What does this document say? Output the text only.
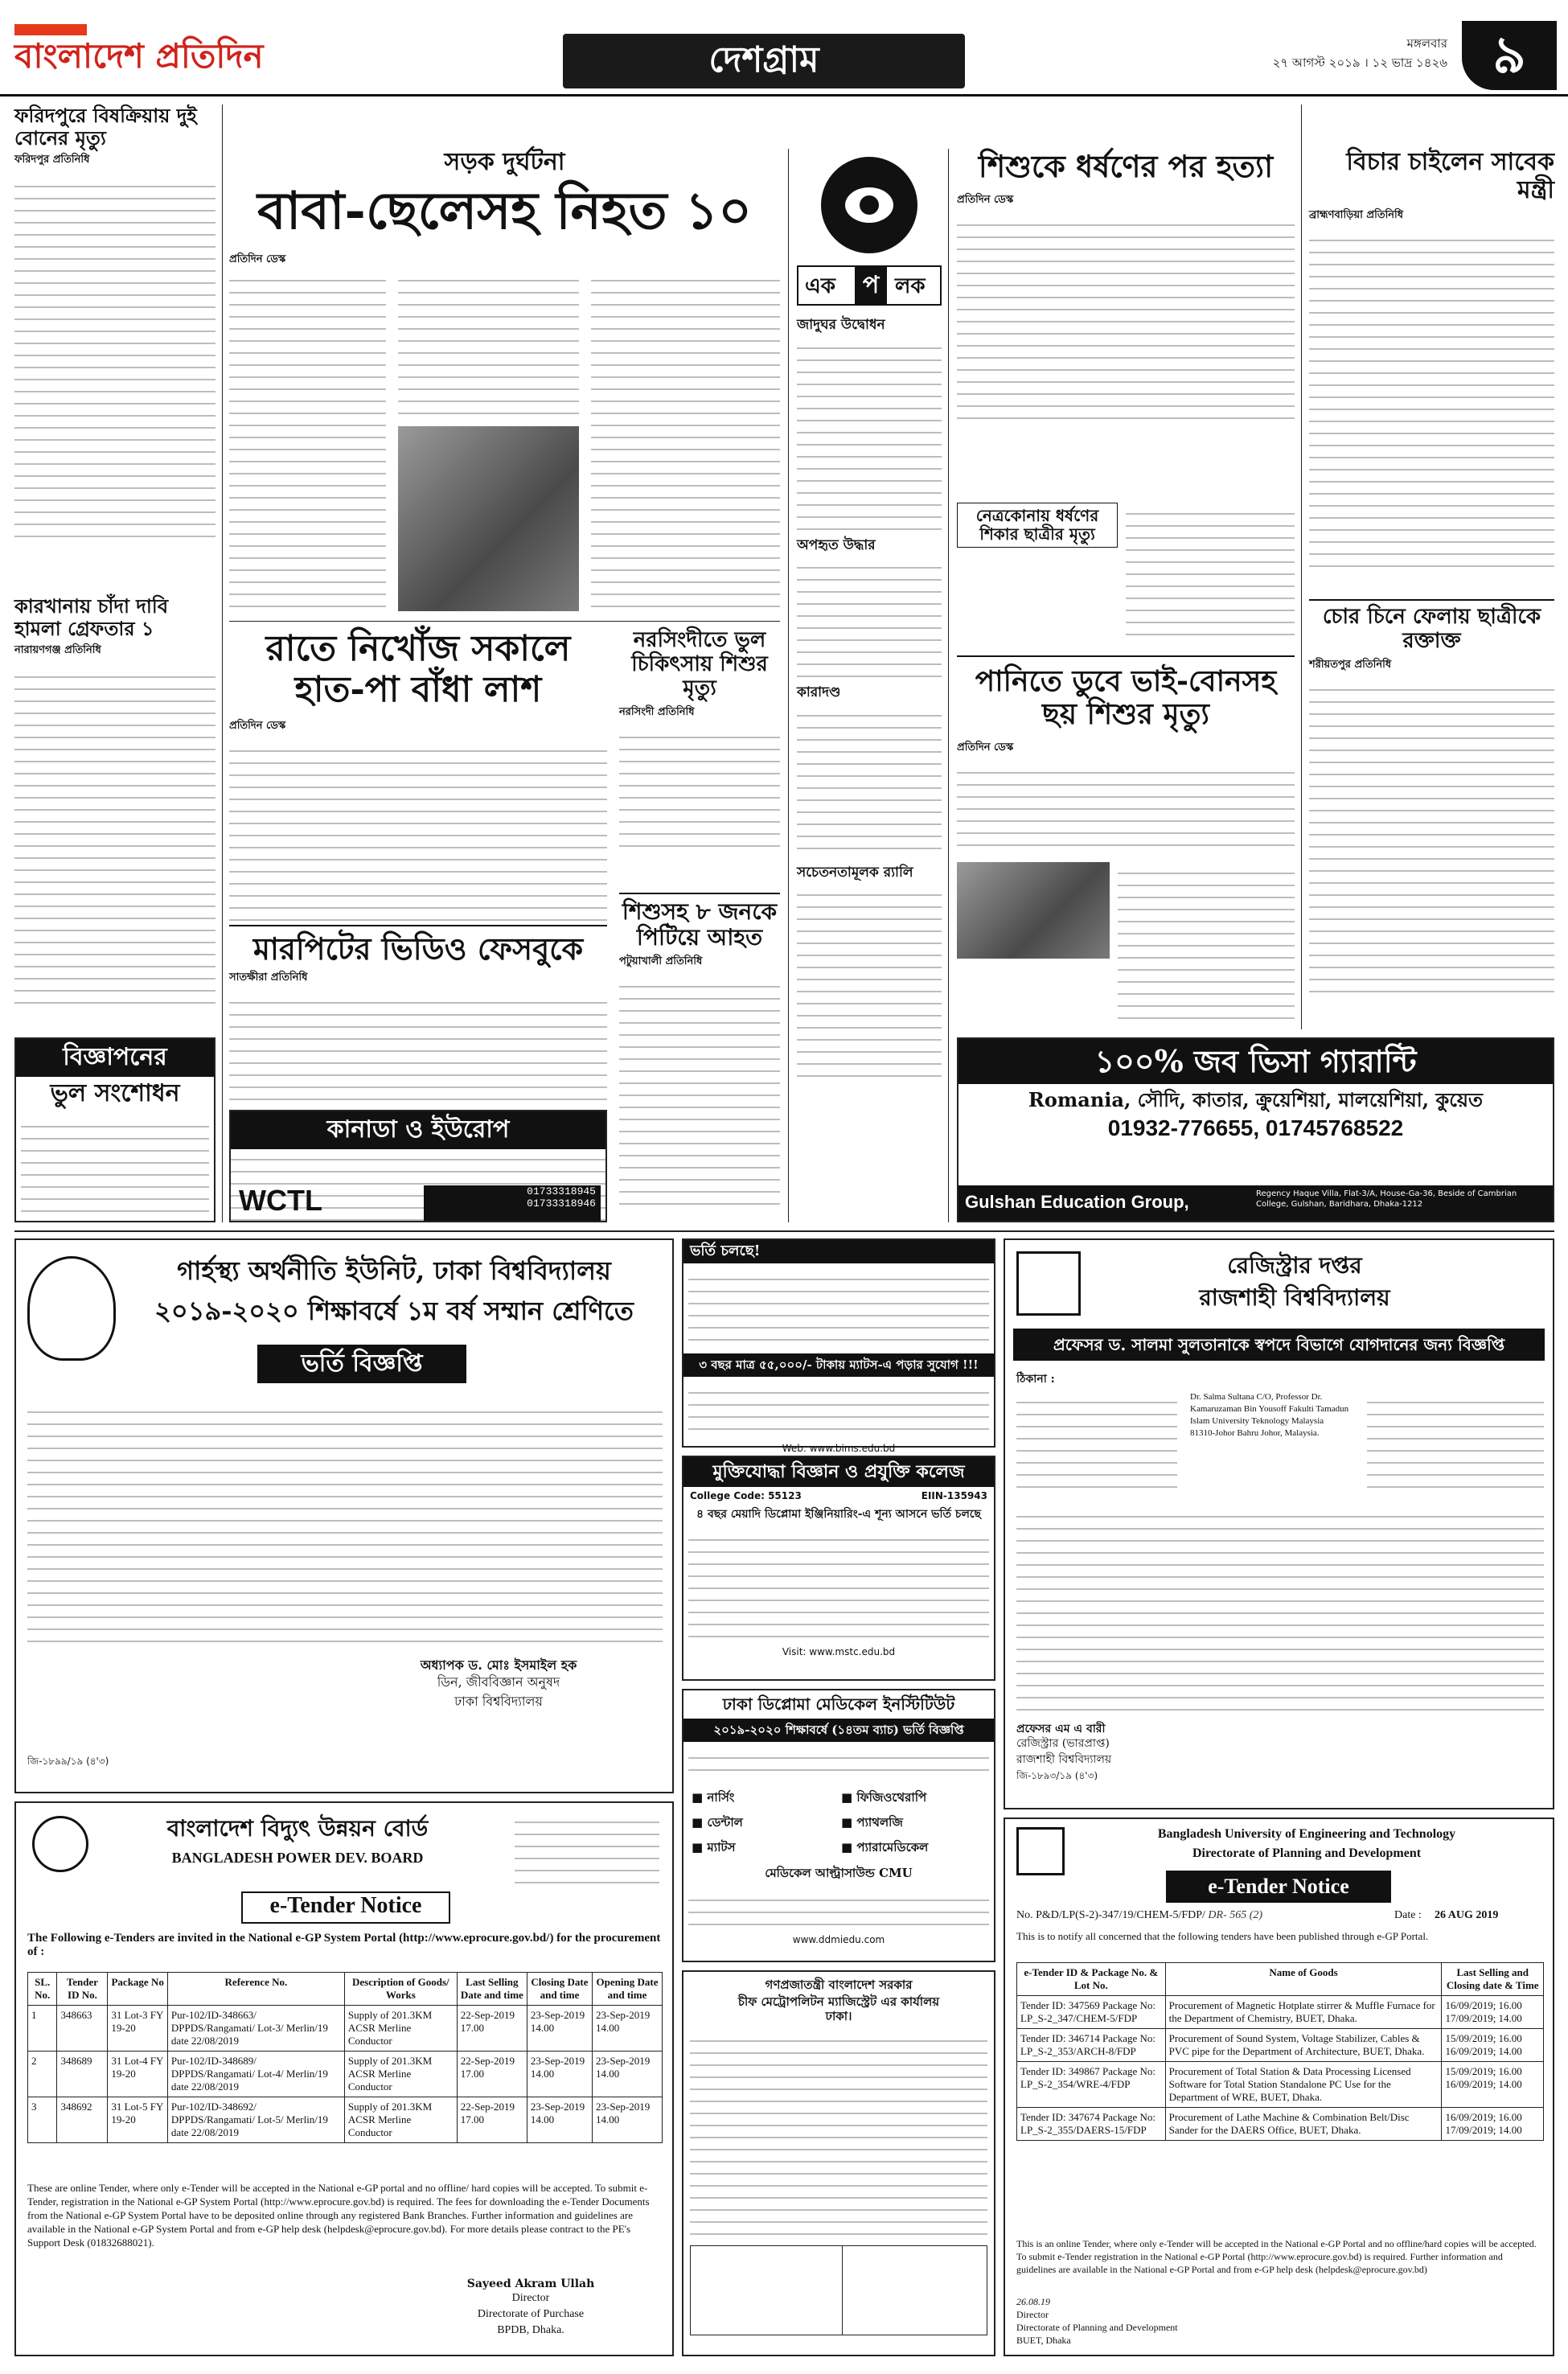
বাংলাদেশ প্রতিদিন	দেশগ্রাম	মঙ্গলবার
২৭ আগস্ট ২০১৯ । ১২ ভাদ্র ১৪২৬ ৯
ফরিদপুরে বিষক্রিয়ায় দুই বোনের মৃত্যু
ফরিদপুর প্রতিনিধি
কারখানায় চাঁদা দাবি হামলা গ্রেফতার ১
নারায়ণগঞ্জ প্রতিনিধি
বিজ্ঞাপনের
ভুল সংশোধন
সড়ক দুর্ঘটনা
বাবা-ছেলেসহ নিহত ১০
প্রতিদিন ডেস্ক
রাতে নিখোঁজ সকালে হাত-পা বাঁধা লাশ
প্রতিদিন ডেস্ক
মারপিটের ভিডিও ফেসবুকে
সাতক্ষীরা প্রতিনিধি
নরসিংদীতে ভুল চিকিৎসায় শিশুর মৃত্যু
নরসিংদী প্রতিনিধি
শিশুসহ ৮ জনকে পিটিয়ে আহত
পটুয়াখালী প্রতিনিধি
এক	প লক
জাদুঘর উদ্বোধন
অপহৃত উদ্ধার
কারাদণ্ড
সচেতনতামূলক র‍্যালি
শিশুকে ধর্ষণের পর হত্যা
প্রতিদিন ডেস্ক
নেত্রকোনায় ধর্ষণের শিকার ছাত্রীর মৃত্যু
পানিতে ডুবে ভাই-বোনসহ ছয় শিশুর মৃত্যু
প্রতিদিন ডেস্ক
বিচার চাইলেন সাবেক মন্ত্রী
ব্রাহ্মণবাড়িয়া প্রতিনিধি
চোর চিনে ফেলায় ছাত্রীকে রক্তাক্ত
শরীয়তপুর প্রতিনিধি
কানাডা ও ইউরোপ
WCTL	01733318945
01733318946
১০০% জব ভিসা গ্যারান্টি
Romania, সৌদি, কাতার, ক্রুয়েশিয়া, মালয়েশিয়া, কুয়েত
01932-776655, 01745768522
Gulshan Education Group,	Regency Haque Villa, Flat-3/A, House-Ga-36, Beside of Cambrian College, Gulshan, Baridhara, Dhaka-1212
গার্হস্থ্য অর্থনীতি ইউনিট, ঢাকা বিশ্ববিদ্যালয়
২০১৯-২০২০ শিক্ষাবর্ষে ১ম বর্ষ সম্মান শ্রেণিতে
ভর্তি বিজ্ঞপ্তি
অধ্যাপক ড. মোঃ ইসমাইল হক
ডিন, জীববিজ্ঞান অনুষদ
ঢাকা বিশ্ববিদ্যালয়
জি-১৮৯৯/১৯ (৪'৩)
ভর্তি চলছে!
৩ বছর মাত্র ৫৫,০০০/- টাকায় ম্যাটস-এ পড়ার সুযোগ !!!
Web: www.bims.edu.bd
মুক্তিযোদ্ধা বিজ্ঞান ও প্রযুক্তি কলেজ
College Code: 55123	EIIN-135943
৪ বছর মেয়াদি ডিপ্লোমা ইঞ্জিনিয়ারিং-এ শূন্য আসনে ভর্তি চলছে
Visit: www.mstc.edu.bd
ঢাকা ডিপ্লোমা মেডিকেল ইনস্টিটিউট
২০১৯-২০২০ শিক্ষাবর্ষে (১৪তম ব্যাচ) ভর্তি বিজ্ঞপ্তি
■ নার্সিং	■ ফিজিওথেরাপি
■ ডেন্টাল	■ প্যাথলজি
■ ম্যাটস	■ প্যারামেডিকেল
মেডিকেল আল্ট্রাসাউন্ড CMU
www.ddmiedu.com
বাংলাদেশ বিদ্যুৎ উন্নয়ন বোর্ড
BANGLADESH POWER DEV. BOARD
e-Tender Notice
The Following e-Tenders are invited in the National e-GP System Portal (http://www.eprocure.gov.bd/) for the procurement of :
SL. No.	Tender ID No.	Package No	Reference No.	Description of Goods/ Works	Last Selling Date and time	Closing Date and time	Opening Date and time
1	348663	31 Lot-3 FY 19-20	Pur-102/ID-348663/ DPPDS/Rangamati/ Lot-3/ Merlin/19 date 22/08/2019	Supply of 201.3KM ACSR Merline Conductor	22-Sep-2019 17.00	23-Sep-2019 14.00	23-Sep-2019 14.00
2	348689	31 Lot-4 FY 19-20	Pur-102/ID-348689/ DPPDS/Rangamati/ Lot-4/ Merlin/19 date 22/08/2019	Supply of 201.3KM ACSR Merline Conductor	22-Sep-2019 17.00	23-Sep-2019 14.00	23-Sep-2019 14.00
3	348692	31 Lot-5 FY 19-20	Pur-102/ID-348692/ DPPDS/Rangamati/ Lot-5/ Merlin/19 date 22/08/2019	Supply of 201.3KM ACSR Merline Conductor	22-Sep-2019 17.00	23-Sep-2019 14.00	23-Sep-2019 14.00
These are online Tender, where only e-Tender will be accepted in the National e-GP portal and no offline/ hard copies will be accepted. To submit e-Tender, registration in the National e-GP System Portal (http://www.eprocure.gov.bd) is required. The fees for downloading the e-Tender Documents from the National e-GP System Portal have to be deposited online through any registered Bank Branches. Further information and guidelines are available in the National e-GP System Portal and from e-GP help desk (helpdesk@eprocure.gov.bd). For more details please contract to the PE's Support Desk (01832688021).
Sayeed Akram Ullah
Director
Directorate of Purchase
BPDB, Dhaka.
গণপ্রজাতন্ত্রী বাংলাদেশ সরকার
চীফ মেট্রোপলিটন ম্যাজিস্ট্রেট এর কার্যালয়
ঢাকা।
রেজিস্ট্রার দপ্তর
রাজশাহী বিশ্ববিদ্যালয়
প্রফেসর ড. সালমা সুলতানাকে স্বপদে বিভাগে যোগদানের জন্য বিজ্ঞপ্তি
ঠিকানা :
Dr. Salma Sultana C/O, Professor Dr. Kamaruzaman Bin Yousoff Fakulti Tamadun Islam University Teknology Malaysia 81310-Johor Bahru Johor, Malaysia.
প্রফেসর এম এ বারী
রেজিস্ট্রার (ভারপ্রাপ্ত)
রাজশাহী বিশ্ববিদ্যালয়
জি-১৮৯৩/১৯ (৪'৩)
Bangladesh University of Engineering and Technology
Directorate of Planning and Development
e-Tender Notice
No. P&D/LP(S-2)-347/19/CHEM-5/FDP/ DR- 565 (2)	Date : 26 AUG 2019
This is to notify all concerned that the following tenders have been published through e-GP Portal.
e-Tender ID & Package No. & Lot No.	Name of Goods	Last Selling and Closing date & Time
Tender ID: 347569 Package No: LP_S-2_347/CHEM-5/FDP	Procurement of Magnetic Hotplate stirrer & Muffle Furnace for the Department of Chemistry, BUET, Dhaka.	16/09/2019; 16.00 17/09/2019; 14.00
Tender ID: 346714 Package No: LP_S-2_353/ARCH-8/FDP	Procurement of Sound System, Voltage Stabilizer, Cables & PVC pipe for the Department of Architecture, BUET, Dhaka.	15/09/2019; 16.00 16/09/2019; 14.00
Tender ID: 349867 Package No: LP_S-2_354/WRE-4/FDP	Procurement of Total Station & Data Processing Licensed Software for Total Station Standalone PC Use for the Department of WRE, BUET, Dhaka.	15/09/2019; 16.00 16/09/2019; 14.00
Tender ID: 347674 Package No: LP_S-2_355/DAERS-15/FDP	Procurement of Lathe Machine & Combination Belt/Disc Sander for the DAERS Office, BUET, Dhaka.	16/09/2019; 16.00 17/09/2019; 14.00
This is an online Tender, where only e-Tender will be accepted in the National e-GP Portal and no offline/hard copies will be accepted. To submit e-Tender registration in the National e-GP Portal (http://www.eprocure.gov.bd) is required. Further information and guidelines are available in the National e-GP Portal and from e-GP help desk (helpdesk@eprocure.gov.bd)
26.08.19
Director
Directorate of Planning and Development
BUET, Dhaka
